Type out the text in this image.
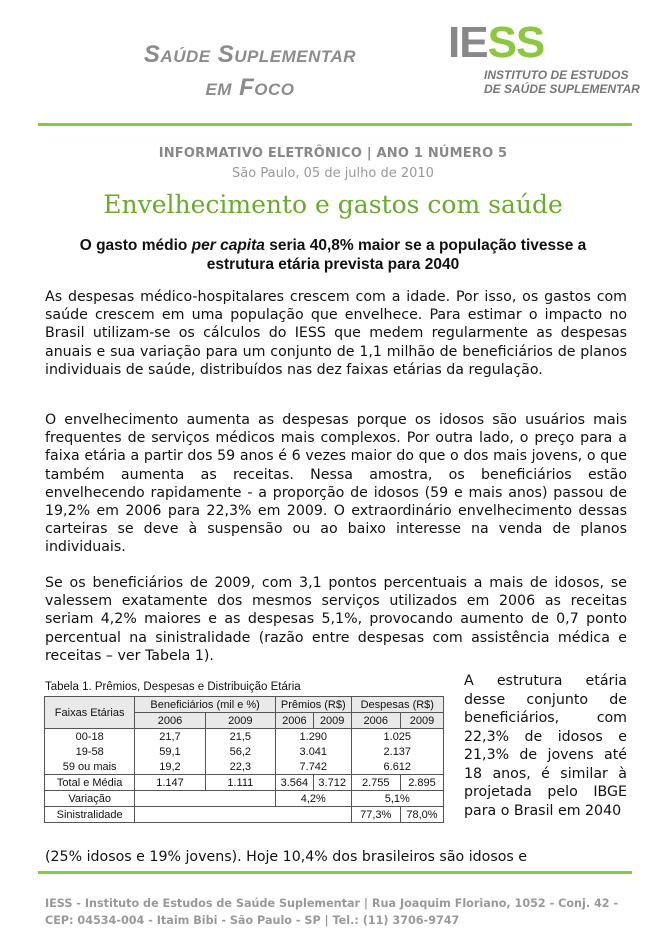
Saúde Suplementar
em Foco
IESS
INSTITUTO DE ESTUDOS
DE SAÚDE SUPLEMENTAR
INFORMATIVO ELETRÔNICO | ANO 1 NÚMERO 5
São Paulo, 05 de julho de 2010
Envelhecimento e gastos com saúde
O gasto médio per capita seria 40,8% maior se a população tivesse a estrutura etária prevista para 2040

As despesas médico-hospitalares crescem com a idade. Por isso, os gastos com saúde crescem em uma população que envelhece. Para estimar o impacto no Brasil utilizam-se os cálculos do IESS que medem regularmente as despesas anuais e sua variação para um conjunto de 1,1 milhão de beneficiários de planos individuais de saúde, distribuídos nas dez faixas etárias da regulação.

O envelhecimento aumenta as despesas porque os idosos são usuários mais frequentes de serviços médicos mais complexos. Por outra lado, o preço para a faixa etária a partir dos 59 anos é 6 vezes maior do que o dos mais jovens, o que também aumenta as receitas. Nessa amostra, os beneficiários estão envelhecendo rapidamente - a proporção de idosos (59 e mais anos) passou de 19,2% em 2006 para 22,3% em 2009. O extraordinário envelhecimento dessas carteiras se deve à suspensão ou ao baixo interesse na venda de planos individuais.

Se os beneficiários de 2009, com 3,1 pontos percentuais a mais de idosos, se valessem exatamente dos mesmos serviços utilizados em 2006 as receitas seriam 4,2% maiores e as despesas 5,1%, provocando aumento de 0,7 ponto percentual na sinistralidade (razão entre despesas com assistência médica e receitas – ver Tabela 1).

Tabela 1. Prêmios, Despesas e Distribuição Etária
Faixas Etárias	Beneficiários (mil e %)		Prêmios (R$)		Despesas (R$)	
	2006	2009	2006	2009	2006	2009
00-18	21,7	21,5	1.290		1.025	
19-58	59,1	56,2	3.041		2.137	
59 ou mais	19,2	22,3	7.742		6.612	
Total e Média	1.147	1.111	3.564	3.712	2.755	2.895
Variação			4,2%		5,1%	
Sinistralidade					77,3%	78,0%

A estrutura etária desse conjunto de beneficiários, com 22,3% de idosos e 21,3% de jovens até 18 anos, é similar à projetada pelo IBGE para o Brasil em 2040

(25% idosos e 19% jovens). Hoje 10,4% dos brasileiros são idosos e

IESS - Instituto de Estudos de Saúde Suplementar | Rua Joaquim Floriano, 1052 - Conj. 42 -
CEP: 04534-004 - Itaim Bibi - São Paulo - SP | Tel.: (11) 3706-9747
